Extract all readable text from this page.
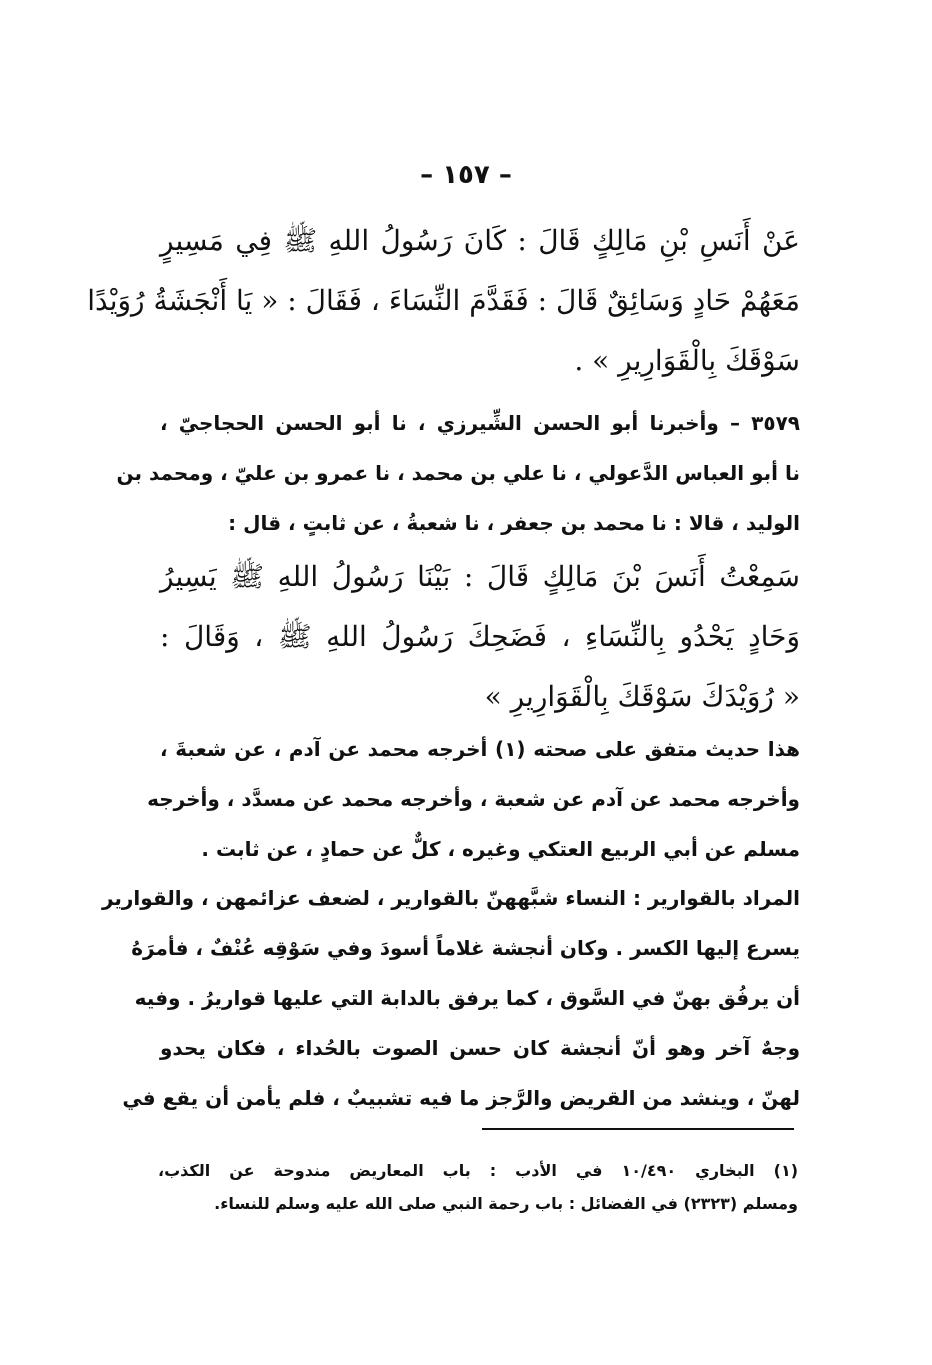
– ١٥٧ –
عَنْ أَنَسِ بْنِ مَالِكٍ قَالَ : كَانَ رَسُولُ اللهِ ﷺ فِي مَسِيرٍ
مَعَهُمْ حَادٍ وَسَائِقٌ قَالَ : فَقَدَّمَ النِّسَاءَ ، فَقَالَ : « يَا أَنْجَشَةُ رُوَيْدًا
سَوْقَكَ بِالْقَوَارِيرِ » .
٣٥٧٩ – وأخبرنا أبو الحسن الشِّيرزي ، نا أبو الحسن الحجاجيّ ،
نا أبو العباس الدَّعولي ، نا علي بن محمد ، نا عمرو بن عليّ ، ومحمد بن
الوليد ، قالا : نا محمد بن جعفر ، نا شعبةُ ، عن ثابتٍ ، قال :
سَمِعْتُ أَنَسَ بْنَ مَالِكٍ قَالَ : بَيْنَا رَسُولُ اللهِ ﷺ يَسِيرُ
وَحَادٍ يَحْدُو بِالنِّسَاءِ ، فَضَحِكَ رَسُولُ اللهِ ﷺ ، وَقَالَ :
« رُوَيْدَكَ سَوْقَكَ بِالْقَوَارِيرِ »
هذا حديث متفق على صحته (١) أخرجه محمد عن آدم ، عن شعبةَ ،
وأخرجه محمد عن آدم عن شعبة ، وأخرجه محمد عن مسدَّد ، وأخرجه
مسلم عن أبي الربيع العتكي وغيره ، كلٌّ عن حمادٍ ، عن ثابت .
المراد بالقوارير : النساء شبَّههنّ بالقوارير ، لضعف عزائمهن ، والقوارير
يسرع إليها الكسر . وكان أنجشة غلاماً أسودَ وفي سَوْقِه عُنْفٌ ، فأمرَهُ
أن يرفُق بهنّ في السَّوق ، كما يرفق بالدابة التي عليها قواريرُ . وفيه
وجهٌ آخر وهو أنّ أنجشة كان حسن الصوت بالحُداء ، فكان يحدو
لهنّ ، وينشد من القريض والرَّجز ما فيه تشبيبٌ ، فلم يأمن أن يقع في
(١) البخاري ١٠/٤٩٠ في الأدب : باب المعاريض مندوحة عن الكذب،
ومسلم (٢٣٢٣) في الفضائل : باب رحمة النبي صلى الله عليه وسلم للنساء.
